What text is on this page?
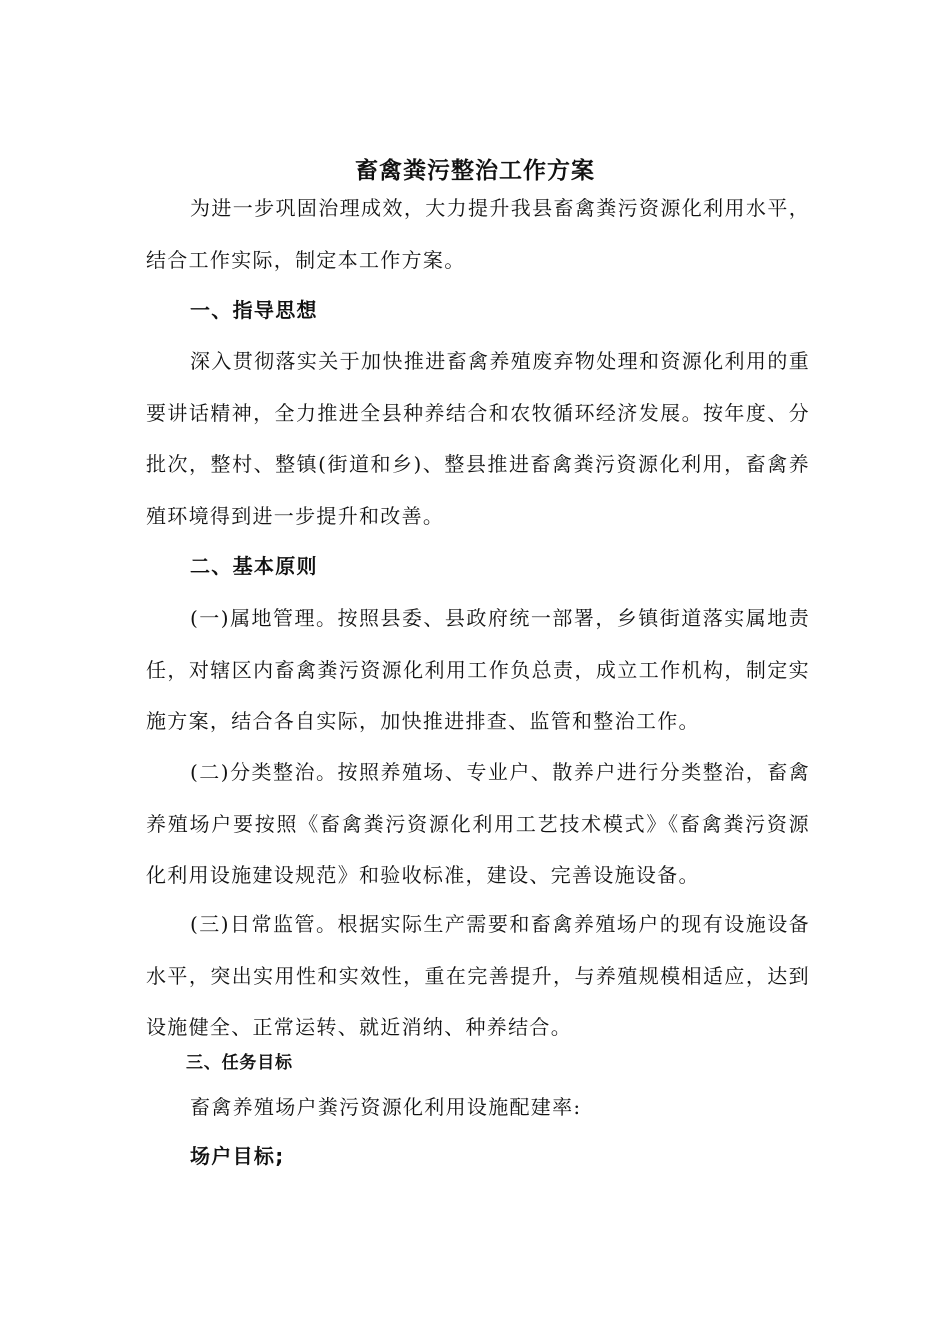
畜禽粪污整治工作方案

为进一步巩固治理成效，大力提升我县畜禽粪污资源化利用水平，结合工作实际，制定本工作方案。

一、指导思想

深入贯彻落实关于加快推进畜禽养殖废弃物处理和资源化利用的重要讲话精神，全力推进全县种养结合和农牧循环经济发展。按年度、分批次，整村、整镇(街道和乡)、整县推进畜禽粪污资源化利用，畜禽养殖环境得到进一步提升和改善。

二、基本原则

(一)属地管理。按照县委、县政府统一部署，乡镇街道落实属地责任，对辖区内畜禽粪污资源化利用工作负总责，成立工作机构，制定实施方案，结合各自实际，加快推进排查、监管和整治工作。

(二)分类整治。按照养殖场、专业户、散养户进行分类整治，畜禽养殖场户要按照《畜禽粪污资源化利用工艺技术模式》《畜禽粪污资源化利用设施建设规范》和验收标准，建设、完善设施设备。

(三)日常监管。根据实际生产需要和畜禽养殖场户的现有设施设备水平，突出实用性和实效性，重在完善提升，与养殖规模相适应，达到设施健全、正常运转、就近消纳、种养结合。

三、任务目标

畜禽养殖场户粪污资源化利用设施配建率:

场户目标;
